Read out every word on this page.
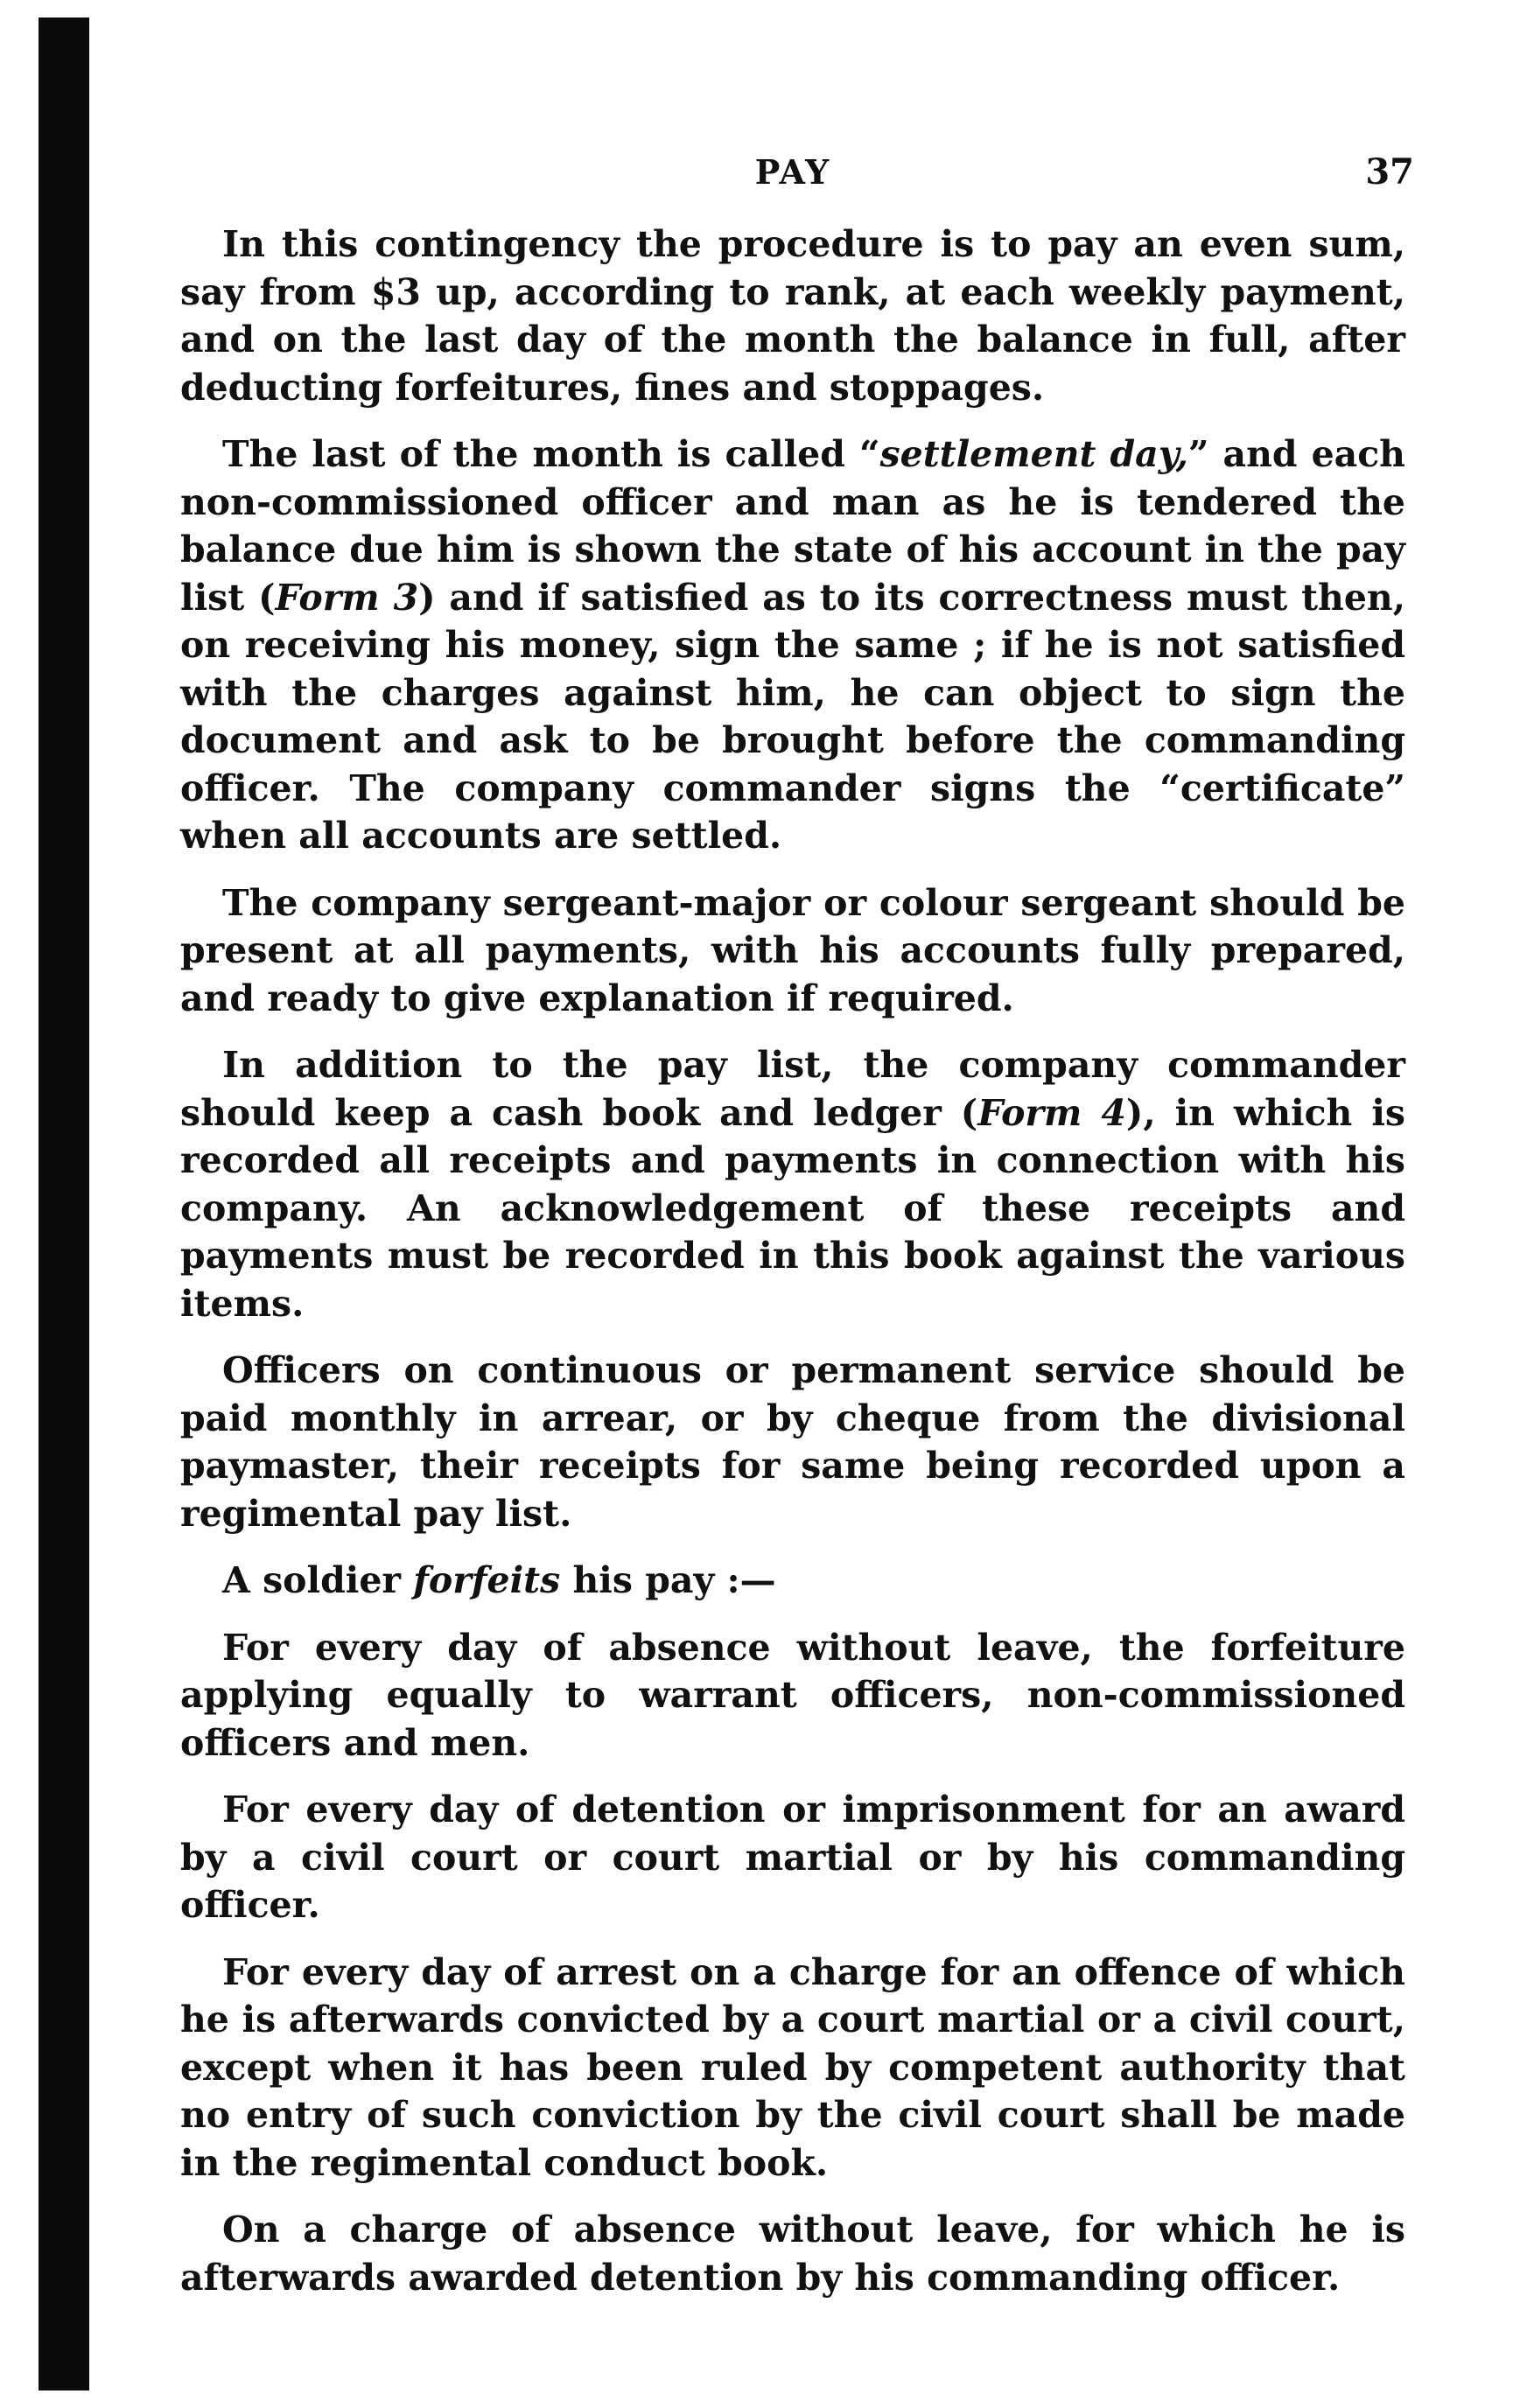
PAY	37

In this contingency the procedure is to pay an even sum, say from $3 up, according to rank, at each weekly payment, and on the last day of the month the balance in full, after deducting forfeitures, fines and stoppages.

The last of the month is called “settlement day,” and each non-commissioned officer and man as he is tendered the balance due him is shown the state of his account in the pay list (Form 3) and if satisfied as to its correctness must then, on receiving his money, sign the same ; if he is not satisfied with the charges against him, he can object to sign the document and ask to be brought before the commanding officer. The company commander signs the “certificate” when all accounts are settled.

The company sergeant-major or colour sergeant should be present at all payments, with his accounts fully prepared, and ready to give explanation if required.

In addition to the pay list, the company commander should keep a cash book and ledger (Form 4), in which is recorded all receipts and payments in connection with his company. An acknowledgement of these receipts and payments must be recorded in this book against the various items.

Officers on continuous or permanent service should be paid monthly in arrear, or by cheque from the divisional paymaster, their receipts for same being recorded upon a regimental pay list.

A soldier forfeits his pay :—

For every day of absence without leave, the forfeiture applying equally to warrant officers, non-commissioned officers and men.

For every day of detention or imprisonment for an award by a civil court or court martial or by his commanding officer.

For every day of arrest on a charge for an offence of which he is afterwards convicted by a court martial or a civil court, except when it has been ruled by competent authority that no entry of such conviction by the civil court shall be made in the regimental conduct book.

On a charge of absence without leave, for which he is afterwards awarded detention by his commanding officer.
